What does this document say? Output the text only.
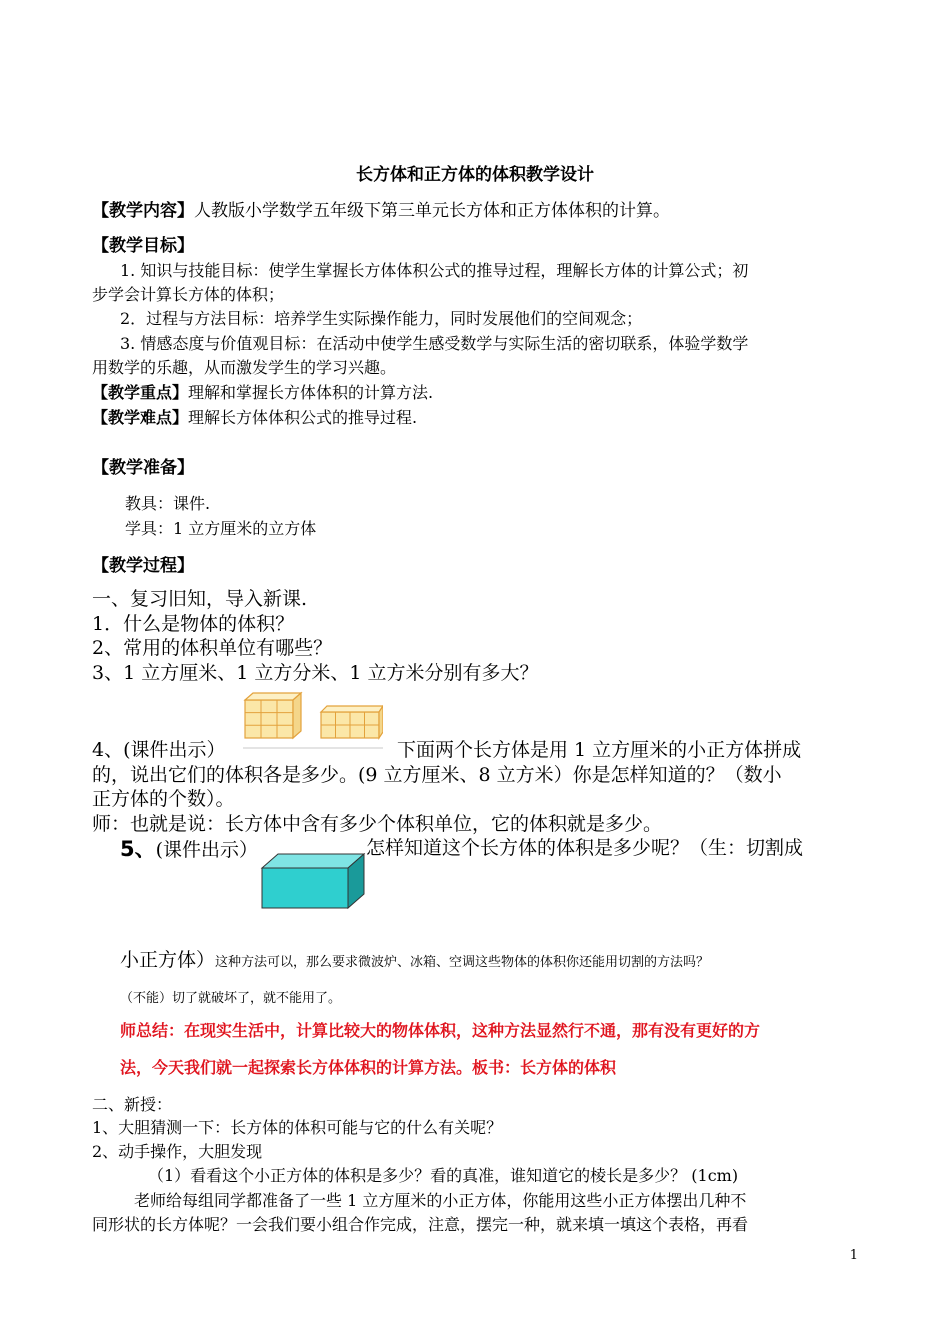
长方体和正方体的体积教学设计
【教学内容】人教版小学数学五年级下第三单元长方体和正方体体积的计算。
【教学目标】
1. 知识与技能目标：使学生掌握长方体体积公式的推导过程，理解长方体的计算公式；初
步学会计算长方体的体积；
2．过程与方法目标：培养学生实际操作能力，同时发展他们的空间观念；
3. 情感态度与价值观目标：在活动中使学生感受数学与实际生活的密切联系，体验学数学
用数学的乐趣，从而激发学生的学习兴趣。
【教学重点】理解和掌握长方体体积的计算方法.
【教学难点】理解长方体体积公式的推导过程.
【教学准备】
教具：课件.
学具：1 立方厘米的立方体
【教学过程】
一、复习旧知，导入新课.
1．什么是物体的体积？
2、常用的体积单位有哪些？
3、1 立方厘米、1 立方分米、1 立方米分别有多大？
4、(课件出示）	下面两个长方体是用 1 立方厘米的小正方体拼成
的，说出它们的体积各是多少。(9 立方厘米、8 立方米）你是怎样知道的？（数小
正方体的个数）。
师：也就是说：长方体中含有多少个体积单位，它的体积就是多少。
5、(课件出示）	怎样知道这个长方体的体积是多少呢？（生：切割成
小正方体）这种方法可以，那么要求微波炉、冰箱、空调这些物体的体积你还能用切割的方法吗？
（不能）切了就破坏了，就不能用了。
师总结：在现实生活中，计算比较大的物体体积，这种方法显然行不通，那有没有更好的方
法，今天我们就一起探索长方体体积的计算方法。板书：长方体的体积
二、新授：
1、大胆猜测一下：长方体的体积可能与它的什么有关呢？
2、动手操作，大胆发现
（1）看看这个小正方体的体积是多少？看的真准，谁知道它的棱长是多少？ (1cm)
老师给每组同学都准备了一些 1 立方厘米的小正方体，你能用这些小正方体摆出几种不
同形状的长方体呢？一会我们要小组合作完成，注意，摆完一种，就来填一填这个表格，再看
1
